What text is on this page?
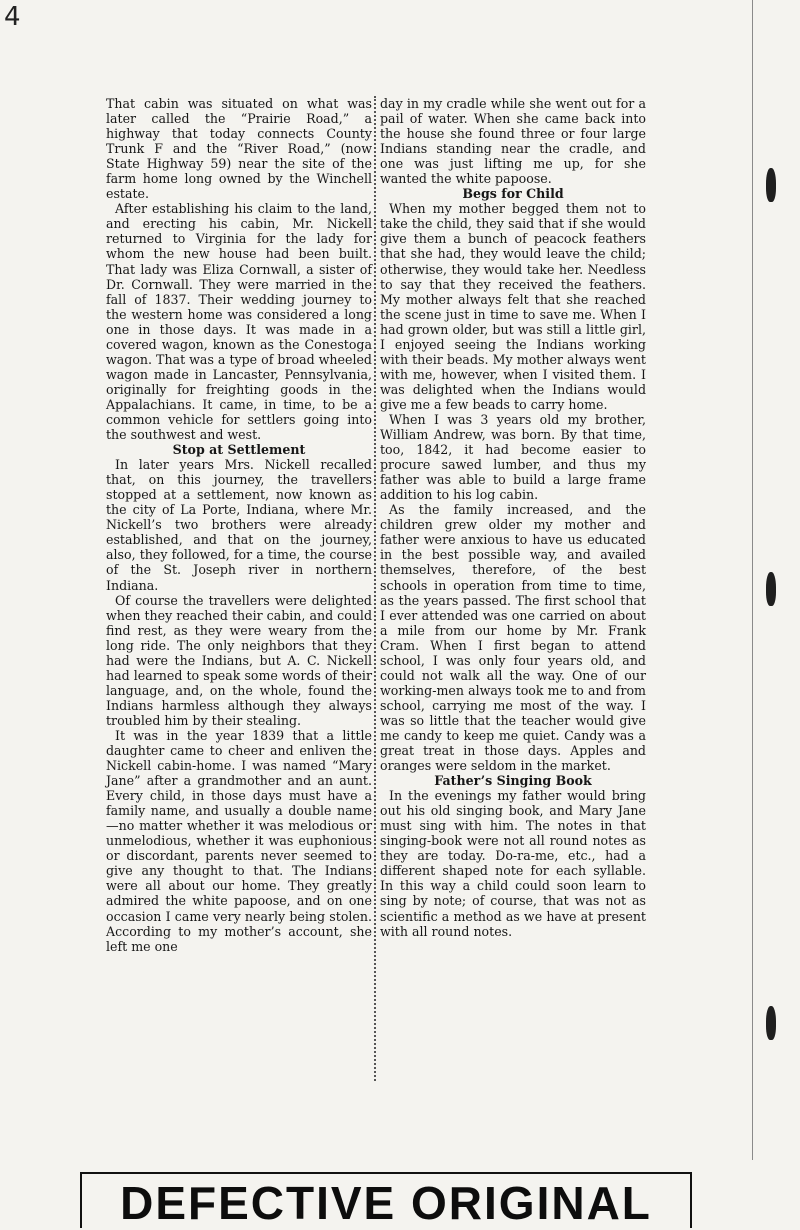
4

That cabin was situated on what was later called the “Prairie Road,” a highway that today connects County Trunk F and the “River Road,” (now State Highway 59) near the site of the farm home long owned by the Winchell estate.

After establishing his claim to the land, and erecting his cabin, Mr. Nickell returned to Virginia for the lady for whom the new house had been built. That lady was Eliza Cornwall, a sister of Dr. Cornwall. They were married in the fall of 1837. Their wedding journey to the western home was considered a long one in those days. It was made in a covered wagon, known as the Conestoga wagon. That was a type of broad wheeled wagon made in Lancaster, Pennsylvania, originally for freighting goods in the Appalachians. It came, in time, to be a common vehicle for settlers going into the southwest and west.

Stop at Settlement

In later years Mrs. Nickell recalled that, on this journey, the travellers stopped at a settlement, now known as the city of La Porte, Indiana, where Mr. Nickell’s two brothers were already established, and that on the journey, also, they followed, for a time, the course of the St. Joseph river in northern Indiana.

Of course the travellers were delighted when they reached their cabin, and could find rest, as they were weary from the long ride. The only neighbors that they had were the Indians, but A. C. Nickell had learned to speak some words of their language, and, on the whole, found the Indians harmless although they always troubled him by their stealing.

It was in the year 1839 that a little daughter came to cheer and enliven the Nickell cabin-home. I was named “Mary Jane” after a grandmother and an aunt. Every child, in those days must have a family name, and usually a double name—no matter whether it was melodious or unmelodious, whether it was euphonious or discordant, parents never seemed to give any thought to that. The Indians were all about our home. They greatly admired the white papoose, and on one occasion I came very nearly being stolen. According to my mother’s account, she left me one

day in my cradle while she went out for a pail of water. When she came back into the house she found three or four large Indians standing near the cradle, and one was just lifting me up, for she wanted the white papoose.

Begs for Child

When my mother begged them not to take the child, they said that if she would give them a bunch of peacock feathers that she had, they would leave the child; otherwise, they would take her. Needless to say that they received the feathers. My mother always felt that she reached the scene just in time to save me. When I had grown older, but was still a little girl, I enjoyed seeing the Indians working with their beads. My mother always went with me, however, when I visited them. I was delighted when the Indians would give me a few beads to carry home.

When I was 3 years old my brother, William Andrew, was born. By that time, too, 1842, it had become easier to procure sawed lumber, and thus my father was able to build a large frame addition to his log cabin.

As the family increased, and the children grew older my mother and father were anxious to have us educated in the best possible way, and availed themselves, therefore, of the best schools in operation from time to time, as the years passed. The first school that I ever attended was one carried on about a mile from our home by Mr. Frank Cram. When I first began to attend school, I was only four years old, and could not walk all the way. One of our working-men always took me to and from school, carrying me most of the way. I was so little that the teacher would give me candy to keep me quiet. Candy was a great treat in those days. Apples and oranges were seldom in the market.

Father’s Singing Book

In the evenings my father would bring out his old singing book, and Mary Jane must sing with him. The notes in that singing-book were not all round notes as they are today. Do-ra-me, etc., had a different shaped note for each syllable. In this way a child could soon learn to sing by note; of course, that was not as scientific a method as we have at present with all round notes.

DEFECTIVE ORIGINAL
